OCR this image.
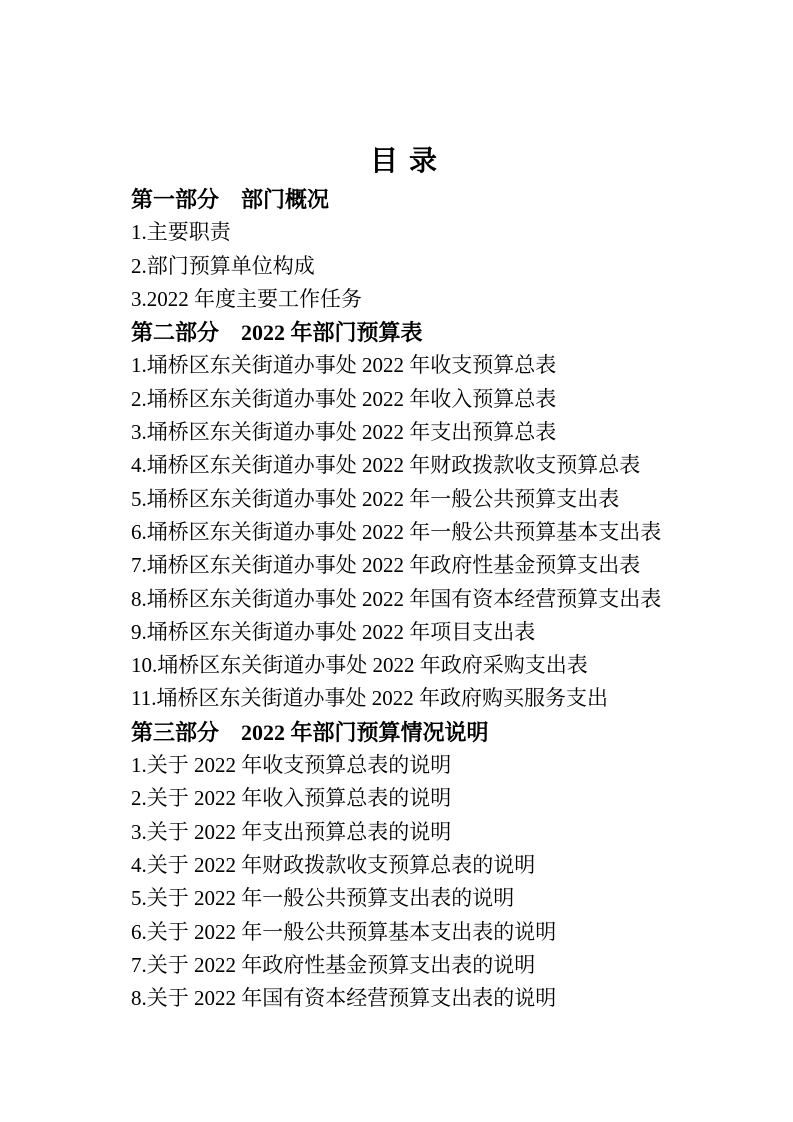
目 录
第一部分　部门概况
1.主要职责
2.部门预算单位构成
3.2022 年度主要工作任务
第二部分　2022 年部门预算表
1.埇桥区东关街道办事处 2022 年收支预算总表
2.埇桥区东关街道办事处 2022 年收入预算总表
3.埇桥区东关街道办事处 2022 年支出预算总表
4.埇桥区东关街道办事处 2022 年财政拨款收支预算总表
5.埇桥区东关街道办事处 2022 年一般公共预算支出表
6.埇桥区东关街道办事处 2022 年一般公共预算基本支出表
7.埇桥区东关街道办事处 2022 年政府性基金预算支出表
8.埇桥区东关街道办事处 2022 年国有资本经营预算支出表
9.埇桥区东关街道办事处 2022 年项目支出表
10.埇桥区东关街道办事处 2022 年政府采购支出表
11.埇桥区东关街道办事处 2022 年政府购买服务支出
第三部分　2022 年部门预算情况说明
1.关于 2022 年收支预算总表的说明
2.关于 2022 年收入预算总表的说明
3.关于 2022 年支出预算总表的说明
4.关于 2022 年财政拨款收支预算总表的说明
5.关于 2022 年一般公共预算支出表的说明
6.关于 2022 年一般公共预算基本支出表的说明
7.关于 2022 年政府性基金预算支出表的说明
8.关于 2022 年国有资本经营预算支出表的说明
